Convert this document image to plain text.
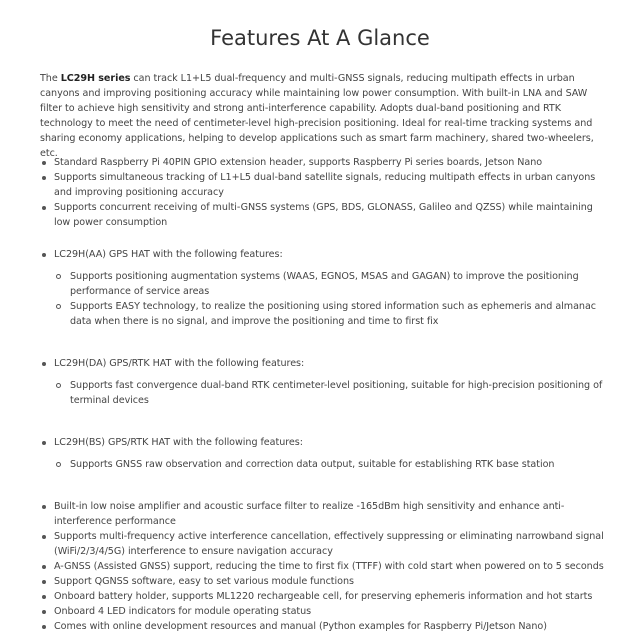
Features At A Glance

The LC29H series can track L1+L5 dual-frequency and multi-GNSS signals, reducing multipath effects in urban canyons and improving positioning accuracy while maintaining low power consumption. With built-in LNA and SAW filter to achieve high sensitivity and strong anti-interference capability. Adopts dual-band positioning and RTK technology to meet the need of centimeter-level high-precision positioning. Ideal for real-time tracking systems and sharing economy applications, helping to develop applications such as smart farm machinery, shared two-wheelers, etc.

Standard Raspberry Pi 40PIN GPIO extension header, supports Raspberry Pi series boards, Jetson Nano
Supports simultaneous tracking of L1+L5 dual-band satellite signals, reducing multipath effects in urban canyons and improving positioning accuracy
Supports concurrent receiving of multi-GNSS systems (GPS, BDS, GLONASS, Galileo and QZSS) while maintaining low power consumption
LC29H(AA) GPS HAT with the following features:
Supports positioning augmentation systems (WAAS, EGNOS, MSAS and GAGAN) to improve the positioning performance of service areas
Supports EASY technology, to realize the positioning using stored information such as ephemeris and almanac data when there is no signal, and improve the positioning and time to first fix
LC29H(DA) GPS/RTK HAT with the following features:
Supports fast convergence dual-band RTK centimeter-level positioning, suitable for high-precision positioning of terminal devices
LC29H(BS) GPS/RTK HAT with the following features:
Supports GNSS raw observation and correction data output, suitable for establishing RTK base station
Built-in low noise amplifier and acoustic surface filter to realize -165dBm high sensitivity and enhance anti-interference performance
Supports multi-frequency active interference cancellation, effectively suppressing or eliminating narrowband signal (WiFi/2/3/4/5G) interference to ensure navigation accuracy
A-GNSS (Assisted GNSS) support, reducing the time to first fix (TTFF) with cold start when powered on to 5 seconds
Support QGNSS software, easy to set various module functions
Onboard battery holder, supports ML1220 rechargeable cell, for preserving ephemeris information and hot starts
Onboard 4 LED indicators for module operating status
Comes with online development resources and manual (Python examples for Raspberry Pi/Jetson Nano)
